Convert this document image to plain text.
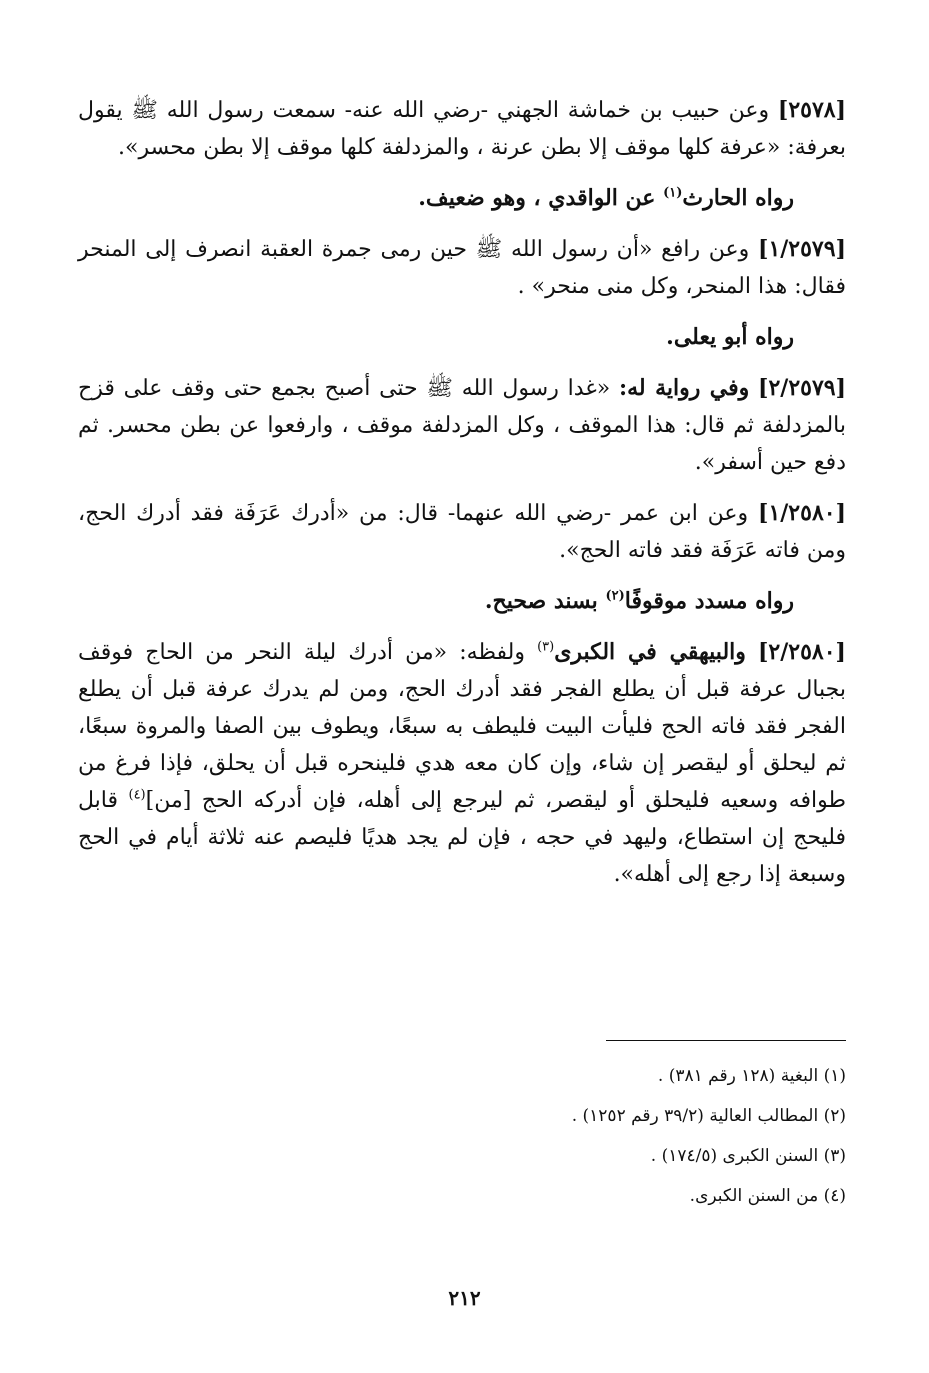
[٢٥٧٨] وعن حبيب بن خماشة الجهني -رضي الله عنه- سمعت رسول الله ﷺ يقول بعرفة: «عرفة كلها موقف إلا بطن عرنة ، والمزدلفة كلها موقف إلا بطن محسر».

رواه الحارث$^{(١)}$ عن الواقدي ، وهو ضعيف.

[١/٢٥٧٩] وعن رافع «أن رسول الله ﷺ حين رمى جمرة العقبة انصرف إلى المنحر فقال: هذا المنحر، وكل منى منحر» .

رواه أبو يعلى.

[٢/٢٥٧٩] وفي رواية له: «غدا رسول الله ﷺ حتى أصبح بجمع حتى وقف على قزح بالمزدلفة ثم قال: هذا الموقف ، وكل المزدلفة موقف ، وارفعوا عن بطن محسر. ثم دفع حين أسفر».

[١/٢٥٨٠] وعن ابن عمر -رضي الله عنهما- قال: من «أدرك عَرَفَة فقد أدرك الحج، ومن فاته عَرَفَة فقد فاته الحج».

رواه مسدد موقوفًا$^{(٢)}$ بسند صحيح.

[٢/٢٥٨٠] والبيهقي في الكبرى$^{(٣)}$ ولفظه: «من أدرك ليلة النحر من الحاج فوقف بجبال عرفة قبل أن يطلع الفجر فقد أدرك الحج، ومن لم يدرك عرفة قبل أن يطلع الفجر فقد فاته الحج فليأت البيت فليطف به سبعًا، ويطوف بين الصفا والمروة سبعًا، ثم ليحلق أو ليقصر إن شاء، وإن كان معه هدي فلينحره قبل أن يحلق، فإذا فرغ من طوافه وسعيه فليحلق أو ليقصر، ثم ليرجع إلى أهله، فإن أدركه الحج [من]$^{(٤)}$ قابل فليحج إن استطاع، وليهد في حجه ، فإن لم يجد هديًا فليصم عنه ثلاثة أيام في الحج وسبعة إذا رجع إلى أهله».

(١) البغية (١٢٨ رقم ٣٨١) .
(٢) المطالب العالية (٣٩/٢ رقم ١٢٥٢) .
(٣) السنن الكبرى (١٧٤/٥) .
(٤) من السنن الكبرى.
٢١٢
